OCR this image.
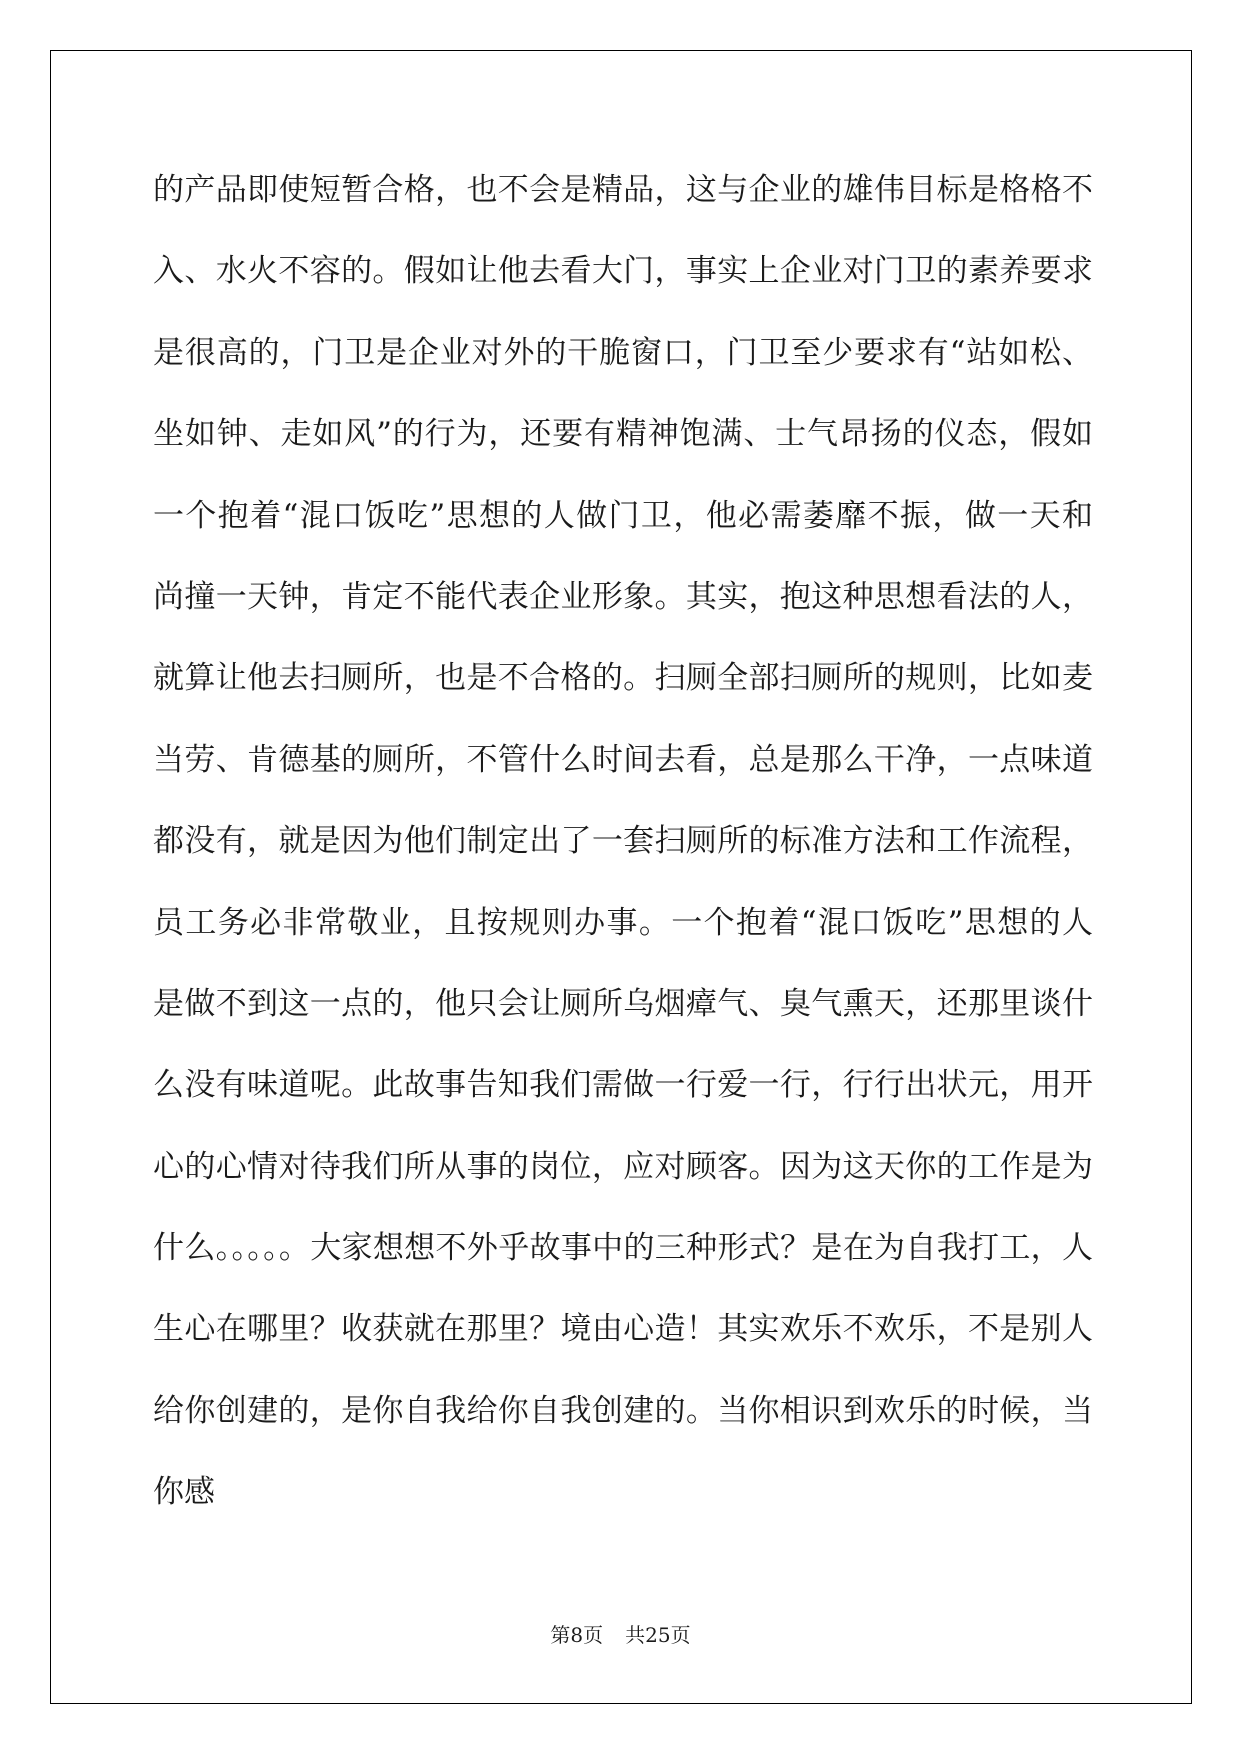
的产品即使短暂合格，也不会是精品，这与企业的雄伟目标是格格不
入、水火不容的。假如让他去看大门，事实上企业对门卫的素养要求
是很高的，门卫是企业对外的干脆窗口，门卫至少要求有“站如松、
坐如钟、走如风”的行为，还要有精神饱满、士气昂扬的仪态，假如
一个抱着“混口饭吃”思想的人做门卫，他必需萎靡不振，做一天和
尚撞一天钟，肯定不能代表企业形象。其实，抱这种思想看法的人，
就算让他去扫厕所，也是不合格的。扫厕全部扫厕所的规则，比如麦
当劳、肯德基的厕所，不管什么时间去看，总是那么干净，一点味道
都没有，就是因为他们制定出了一套扫厕所的标准方法和工作流程，
员工务必非常敬业，且按规则办事。一个抱着“混口饭吃”思想的人
是做不到这一点的，他只会让厕所乌烟瘴气、臭气熏天，还那里谈什
么没有味道呢。此故事告知我们需做一行爱一行，行行出状元，用开
心的心情对待我们所从事的岗位，应对顾客。因为这天你的工作是为
什么。。。。。大家想想不外乎故事中的三种形式？是在为自我打工，人
生心在哪里？收获就在那里？境由心造！其实欢乐不欢乐，不是别人
给你创建的，是你自我给你自我创建的。当你相识到欢乐的时候，当
你感
第8页 共25页
